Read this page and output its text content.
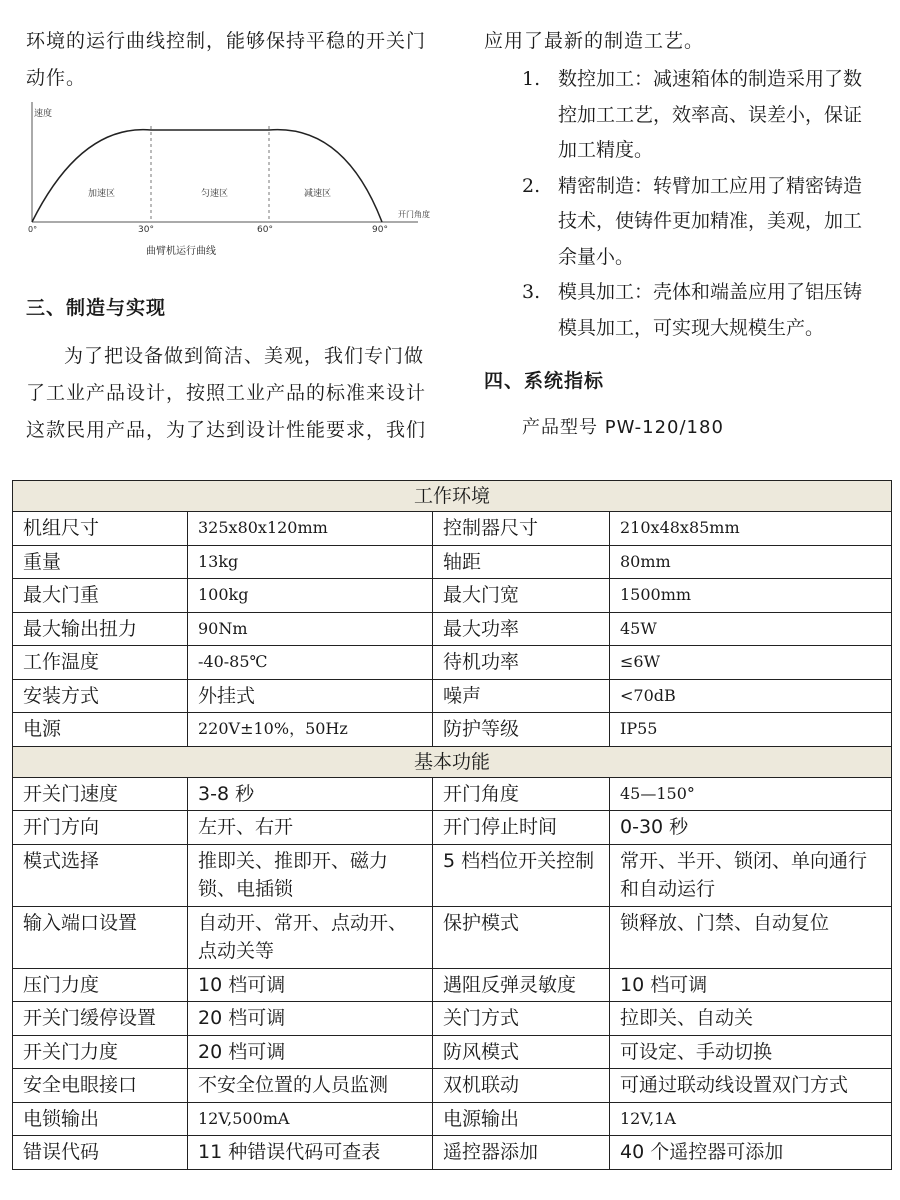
环境的运行曲线控制，能够保持平稳的开关门
动作。
速度
加速区	匀速区	减速区
开门角度
0°	30°	60°	90°
曲臂机运行曲线
三、制造与实现
为了把设备做到简洁、美观，我们专门做
了工业产品设计，按照工业产品的标准来设计
这款民用产品，为了达到设计性能要求，我们
应用了最新的制造工艺。
1. 数控加工：减速箱体的制造采用了数
控加工工艺，效率高、误差小，保证
加工精度。
2. 精密制造：转臂加工应用了精密铸造
技术，使铸件更加精准，美观，加工
余量小。
3. 模具加工：壳体和端盖应用了铝压铸
模具加工，可实现大规模生产。
四、系统指标
产品型号 PW-120/180
工作环境			
机组尺寸	325x80x120mm	控制器尺寸	210x48x85mm
重量	13kg	轴距	80mm
最大门重	100kg	最大门宽	1500mm
最大输出扭力	90Nm	最大功率	45W
工作温度	-40-85℃	待机功率	≤6W
安装方式	外挂式	噪声	<70dB
电源	220V±10%，50Hz	防护等级	IP55
基本功能			
开关门速度	3-8 秒	开门角度	45—150°
开门方向	左开、右开	开门停止时间	0-30 秒
模式选择	推即关、推即开、磁力锁、电插锁	5 档档位开关控制	常开、半开、锁闭、单向通行和自动运行
输入端口设置	自动开、常开、点动开、点动关等	保护模式	锁释放、门禁、自动复位
压门力度	10 档可调	遇阻反弹灵敏度	10 档可调
开关门缓停设置	20 档可调	关门方式	拉即关、自动关
开关门力度	20 档可调	防风模式	可设定、手动切换
安全电眼接口	不安全位置的人员监测	双机联动	可通过联动线设置双门方式
电锁输出	12V,500mA	电源输出	12V,1A
错误代码	11 种错误代码可查表	遥控器添加	40 个遥控器可添加
